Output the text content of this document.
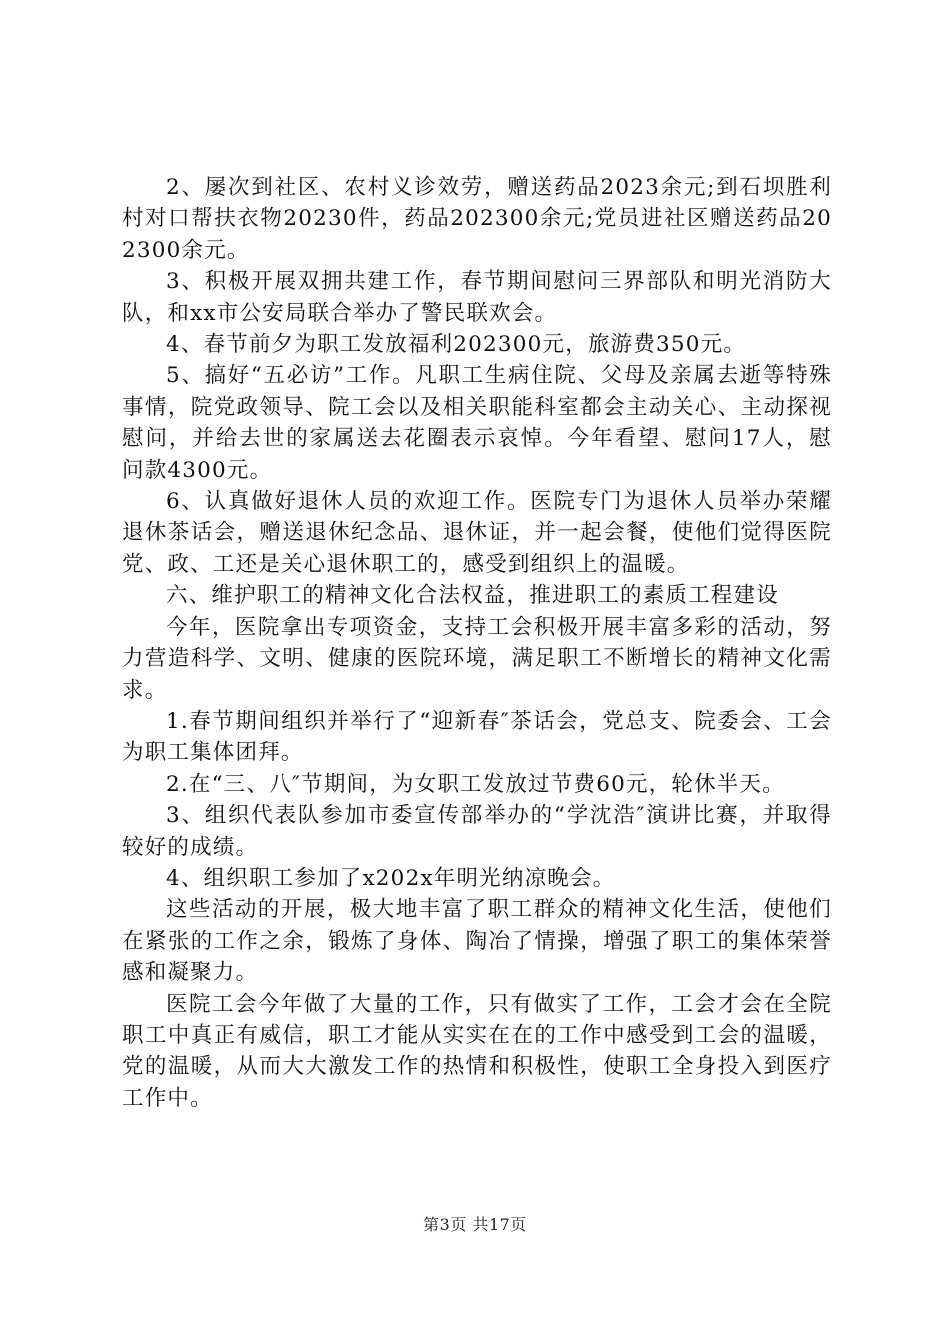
2、屡次到社区、农村义诊效劳，赠送药品2023余元;到石坝胜利村对口帮扶衣物20230件，药品202300余元;党员进社区赠送药品202300余元。

3、积极开展双拥共建工作，春节期间慰问三界部队和明光消防大队，和xx市公安局联合举办了警民联欢会。

4、春节前夕为职工发放福利202300元，旅游费350元。

5、搞好“五必访”工作。凡职工生病住院、父母及亲属去逝等特殊事情，院党政领导、院工会以及相关职能科室都会主动关心、主动探视慰问，并给去世的家属送去花圈表示哀悼。今年看望、慰问17人，慰问款4300元。

6、认真做好退休人员的欢迎工作。医院专门为退休人员举办荣耀退休茶话会，赠送退休纪念品、退休证，并一起会餐，使他们觉得医院党、政、工还是关心退休职工的，感受到组织上的温暖。

六、维护职工的精神文化合法权益，推进职工的素质工程建设

今年，医院拿出专项资金，支持工会积极开展丰富多彩的活动，努力营造科学、文明、健康的医院环境，满足职工不断增长的精神文化需求。

1.春节期间组织并举行了“迎新春″茶话会，党总支、院委会、工会为职工集体团拜。

2.在“三、八″节期间，为女职工发放过节费60元，轮休半天。

3、组织代表队参加市委宣传部举办的“学沈浩″演讲比赛，并取得较好的成绩。

4、组织职工参加了x202x年明光纳凉晚会。

这些活动的开展，极大地丰富了职工群众的精神文化生活，使他们在紧张的工作之余，锻炼了身体、陶冶了情操，增强了职工的集体荣誉感和凝聚力。

医院工会今年做了大量的工作，只有做实了工作，工会才会在全院职工中真正有威信，职工才能从实实在在的工作中感受到工会的温暖，党的温暖，从而大大激发工作的热情和积极性，使职工全身投入到医疗工作中。

第3页 共17页
